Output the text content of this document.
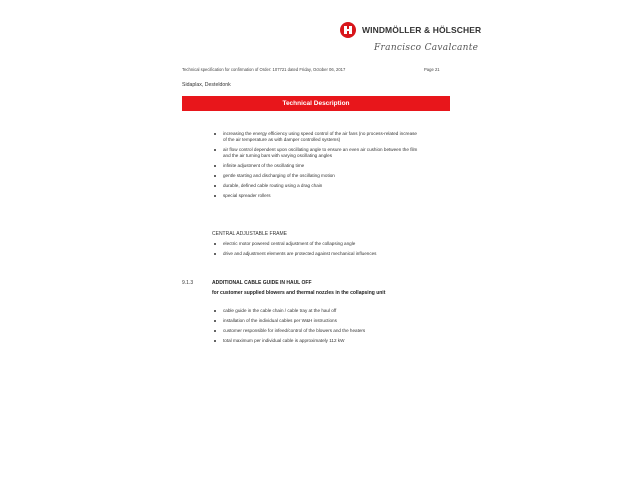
WINDMÖLLER & HÖLSCHER
Francisco Cavalcante
Technical specification for confirmation of Order: 107721 dated Friday, October 06, 2017	Page 21
Sidaplax, Desteldonk
Technical Description
increasing the energy efficiency using speed control of the air fans (no process-related increase of the air temperature as with damper controlled systems)
air flow control dependent upon oscillating angle to ensure an even air cushion between the film and the air turning bars with varying oscillating angles
infinite adjustment of the oscillating time
gentle starting and discharging of the oscillating motion
durable, defined cable routing using a drag chain
special spreader rollers
CENTRAL ADJUSTABLE FRAME
electric motor powered central adjustment of the collapsing angle
drive and adjustment elements are protected against mechanical influences
9.1.3	ADDITIONAL CABLE GUIDE IN HAUL OFF
for customer supplied blowers and thermal nozzles in the collapsing unit
cable guide in the cable chain / cable tray at the haul off
installation of the individual cables per W&H instructions
customer responsible for infeed/control of the blowers and the heaters
total maximum per individual cable is approximately 112 kW
